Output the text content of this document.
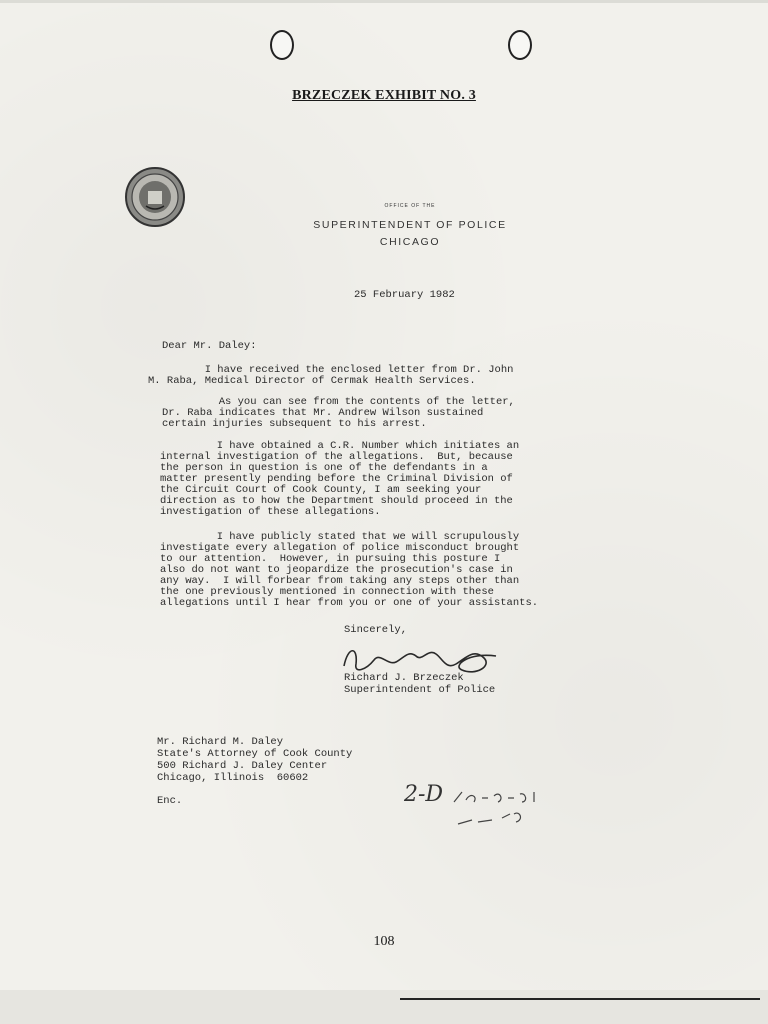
BRZECZEK EXHIBIT NO. 3
OFFICE OF THE
SUPERINTENDENT OF POLICE
CHICAGO
25 February 1982
Dear Mr. Daley:
I have received the enclosed letter from Dr. John
M. Raba, Medical Director of Cermak Health Services.
As you can see from the contents of the letter,
Dr. Raba indicates that Mr. Andrew Wilson sustained
certain injuries subsequent to his arrest.
I have obtained a C.R. Number which initiates an
internal investigation of the allegations.  But, because
the person in question is one of the defendants in a
matter presently pending before the Criminal Division of
the Circuit Court of Cook County, I am seeking your
direction as to how the Department should proceed in the
investigation of these allegations.
I have publicly stated that we will scrupulously
investigate every allegation of police misconduct brought
to our attention.  However, in pursuing this posture I
also do not want to jeopardize the prosecution's case in
any way.  I will forbear from taking any steps other than
the one previously mentioned in connection with these
allegations until I hear from you or one of your assistants.
Sincerely,
Richard J. Brzeczek
Superintendent of Police
Mr. Richard M. Daley
State's Attorney of Cook County
500 Richard J. Daley Center
Chicago, Illinois  60602
Enc.	2-D
108
